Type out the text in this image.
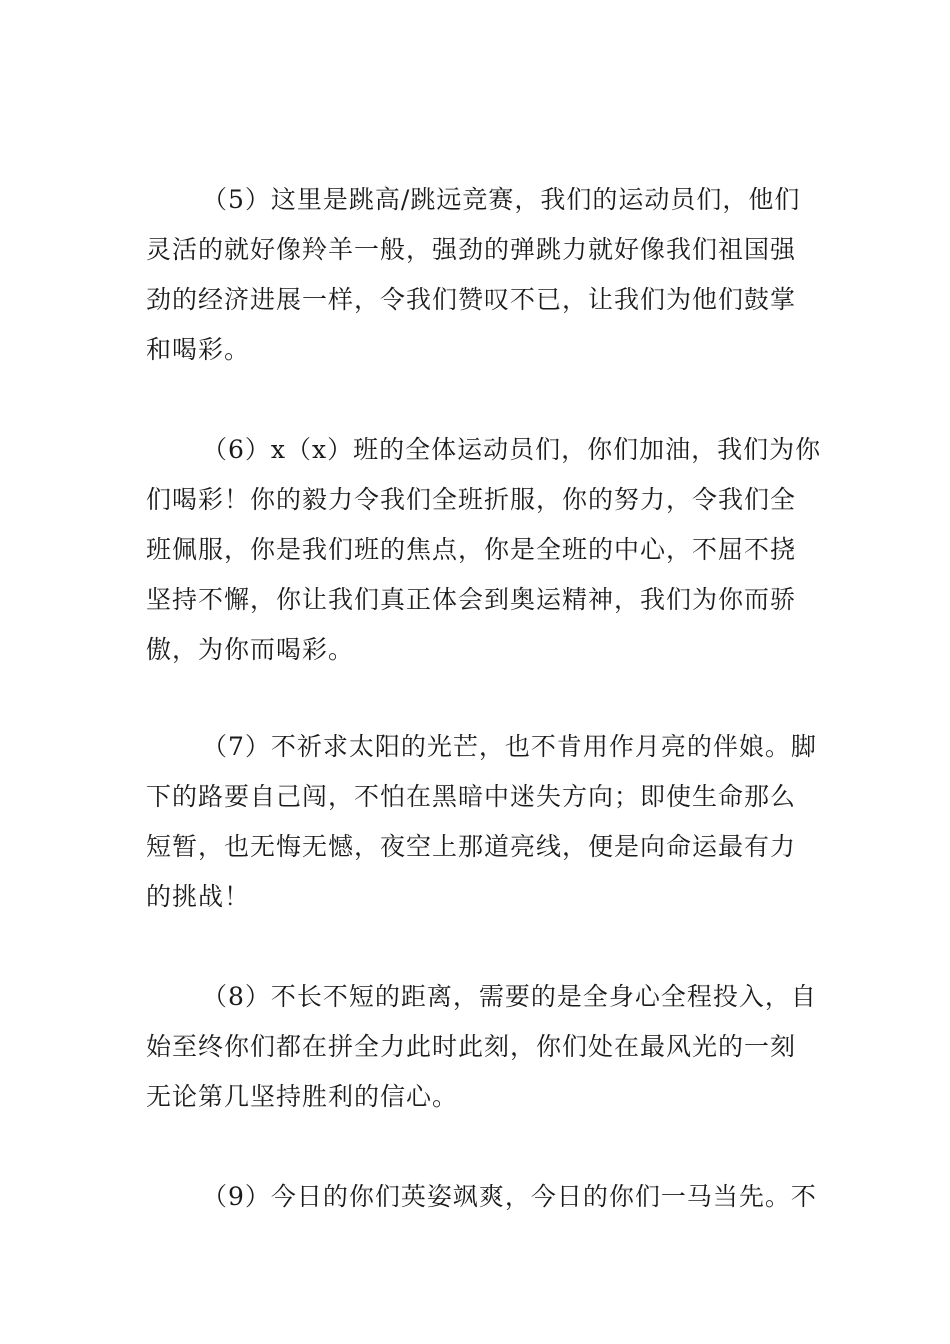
（5）这里是跳高/跳远竞赛，我们的运动员们，他们
灵活的就好像羚羊一般，强劲的弹跳力就好像我们祖国强
劲的经济进展一样，令我们赞叹不已，让我们为他们鼓掌
和喝彩。

（6）x（x）班的全体运动员们，你们加油，我们为你
们喝彩！你的毅力令我们全班折服，你的努力，令我们全
班佩服，你是我们班的焦点，你是全班的中心，不屈不挠
坚持不懈，你让我们真正体会到奥运精神，我们为你而骄
傲，为你而喝彩。

（7）不祈求太阳的光芒，也不肯用作月亮的伴娘。脚
下的路要自己闯，不怕在黑暗中迷失方向；即使生命那么
短暂，也无悔无憾，夜空上那道亮线，便是向命运最有力
的挑战！

（8）不长不短的距离，需要的是全身心全程投入，自
始至终你们都在拼全力此时此刻，你们处在最风光的一刻
无论第几坚持胜利的信心。

（9）今日的你们英姿飒爽，今日的你们一马当先。不
